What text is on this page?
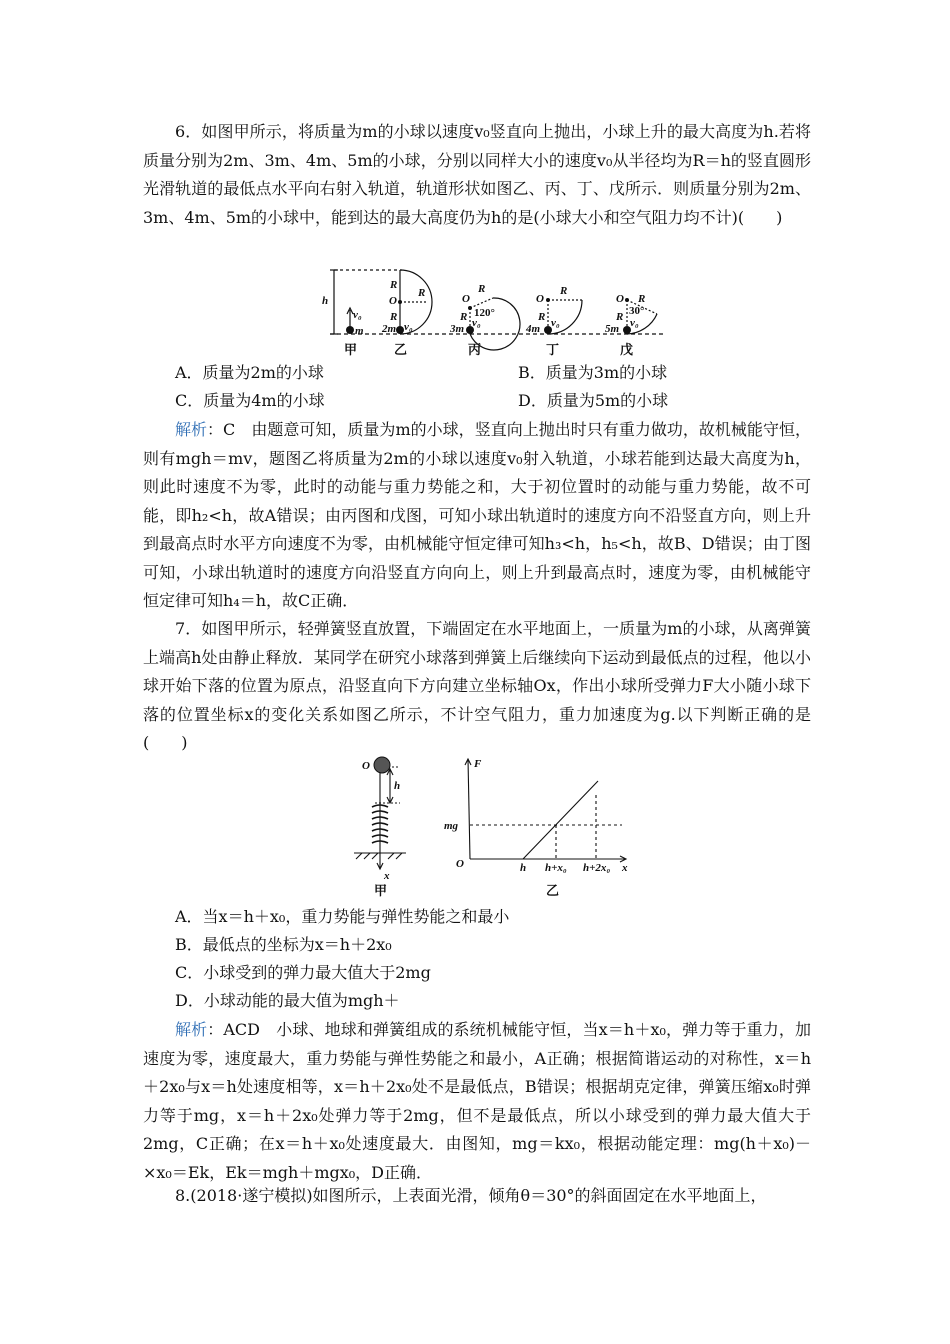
6．如图甲所示，将质量为m的小球以速度v₀竖直向上抛出，小球上升的最大高度为h.若将质量分别为2m、3m、4m、5m的小球，分别以同样大小的速度v₀从半径均为R＝h的竖直圆形光滑轨道的最低点水平向右射入轨道，轨道形状如图乙、丙、丁、戊所示．则质量分别为2m、3m、4m、5m的小球中，能到达的最大高度仍为h的是(小球大小和空气阻力均不计)(　　)

h
v₀
m 2m v₀
R
O
R
R
3m v₀
O
R
R
120°
4m v₀
O
R
R
5m v₀
O
R
R
30°
甲	乙	丙	丁	戊
A．质量为2m的小球	B．质量为3m的小球
C．质量为4m的小球	D．质量为5m的小球

解析：C　由题意可知，质量为m的小球，竖直向上抛出时只有重力做功，故机械能守恒，则有mgh＝mv，题图乙将质量为2m的小球以速度v₀射入轨道，小球若能到达最大高度为h，则此时速度不为零，此时的动能与重力势能之和，大于初位置时的动能与重力势能，故不可能，即h₂<h，故A错误；由丙图和戊图，可知小球出轨道时的速度方向不沿竖直方向，则上升到最高点时水平方向速度不为零，由机械能守恒定律可知h₃<h，h₅<h，故B、D错误；由丁图可知，小球出轨道时的速度方向沿竖直方向向上，则上升到最高点时，速度为零，由机械能守恒定律可知h₄＝h，故C正确．

7．如图甲所示，轻弹簧竖直放置，下端固定在水平地面上，一质量为m的小球，从离弹簧上端高h处由静止释放．某同学在研究小球落到弹簧上后继续向下运动到最低点的过程，他以小球开始下落的位置为原点，沿竖直向下方向建立坐标轴Ox，作出小球所受弹力F大小随小球下落的位置坐标x的变化关系如图乙所示，不计空气阻力，重力加速度为g.以下判断正确的是(　　)

O
h
x
F
mg
O	h h+x₀ h+2x₀ x
甲	乙
A．当x＝h＋x₀，重力势能与弹性势能之和最小
B．最低点的坐标为x＝h＋2x₀
C．小球受到的弹力最大值大于2mg
D．小球动能的最大值为mgh＋

解析：ACD　小球、地球和弹簧组成的系统机械能守恒，当x＝h＋x₀，弹力等于重力，加速度为零，速度最大，重力势能与弹性势能之和最小，A正确；根据简谐运动的对称性，x＝h＋2x₀与x＝h处速度相等，x＝h＋2x₀处不是最低点，B错误；根据胡克定律，弹簧压缩x₀时弹力等于mg，x＝h＋2x₀处弹力等于2mg，但不是最低点，所以小球受到的弹力最大值大于2mg，C正确；在x＝h＋x₀处速度最大．由图知，mg＝kx₀，根据动能定理：mg(h＋x₀)－×x₀＝Ek，Ek＝mgh＋mgx₀，D正确．

8.(2018·遂宁模拟)如图所示，上表面光滑，倾角θ＝30°的斜面固定在水平地面上，
